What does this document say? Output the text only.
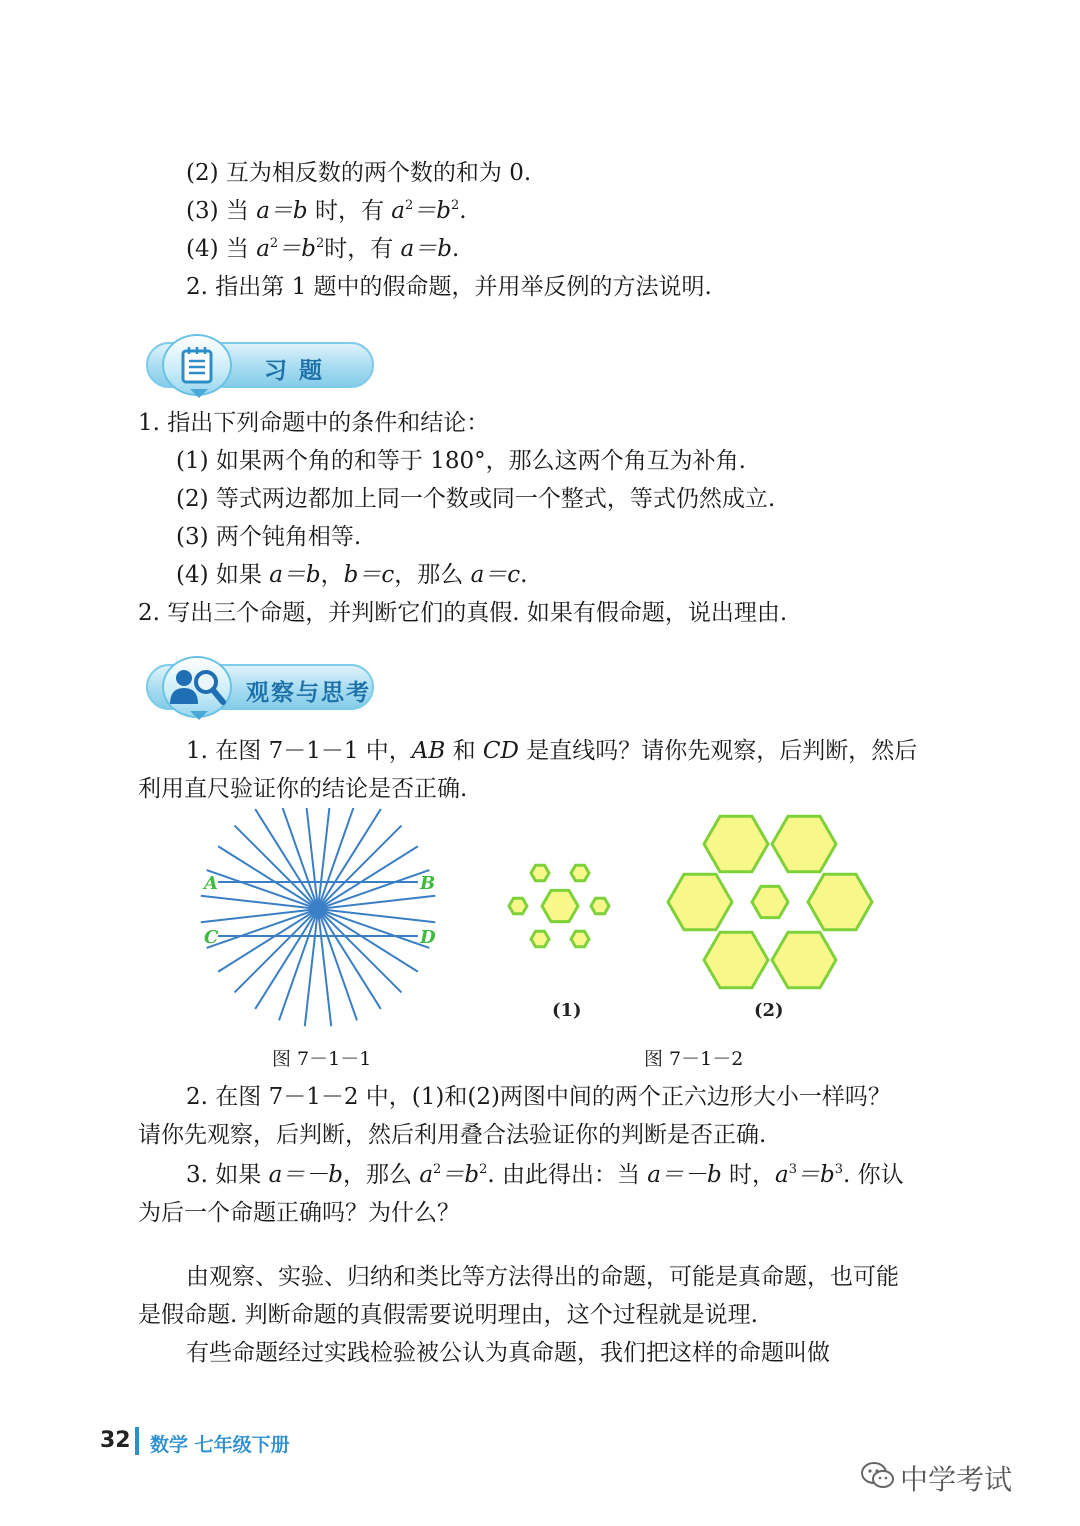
(2) 互为相反数的两个数的和为 0.
(3) 当 a＝b 时，有 $a^2=b^2$.
(4) 当 $a^2=b^2$时，有 a＝b.
2. 指出第 1 题中的假命题，并用举反例的方法说明.
习 题
1. 指出下列命题中的条件和结论：
(1) 如果两个角的和等于 180°，那么这两个角互为补角.
(2) 等式两边都加上同一个数或同一个整式，等式仍然成立.
(3) 两个钝角相等.
(4) 如果 a＝b，b＝c，那么 a＝c.
2. 写出三个命题，并判断它们的真假. 如果有假命题，说出理由.
观察与思考
1. 在图 7－1－1 中，AB 和 CD 是直线吗？请你先观察，后判断，然后
利用直尺验证你的结论是否正确.
A	B
C	D
图 7－1－1
(1)	(2)
图 7－1－2
2. 在图 7－1－2 中，(1)和(2)两图中间的两个正六边形大小一样吗？
请你先观察，后判断，然后利用叠合法验证你的判断是否正确.
3. 如果 a＝－b，那么 $a^2=b^2$. 由此得出：当 a＝－b 时，$a^3=b^3$. 你认
为后一个命题正确吗？为什么？
由观察、实验、归纳和类比等方法得出的命题，可能是真命题，也可能
是假命题. 判断命题的真假需要说明理由，这个过程就是说理.
有些命题经过实践检验被公认为真命题，我们把这样的命题叫做
32 数学 七年级下册
中学考试
